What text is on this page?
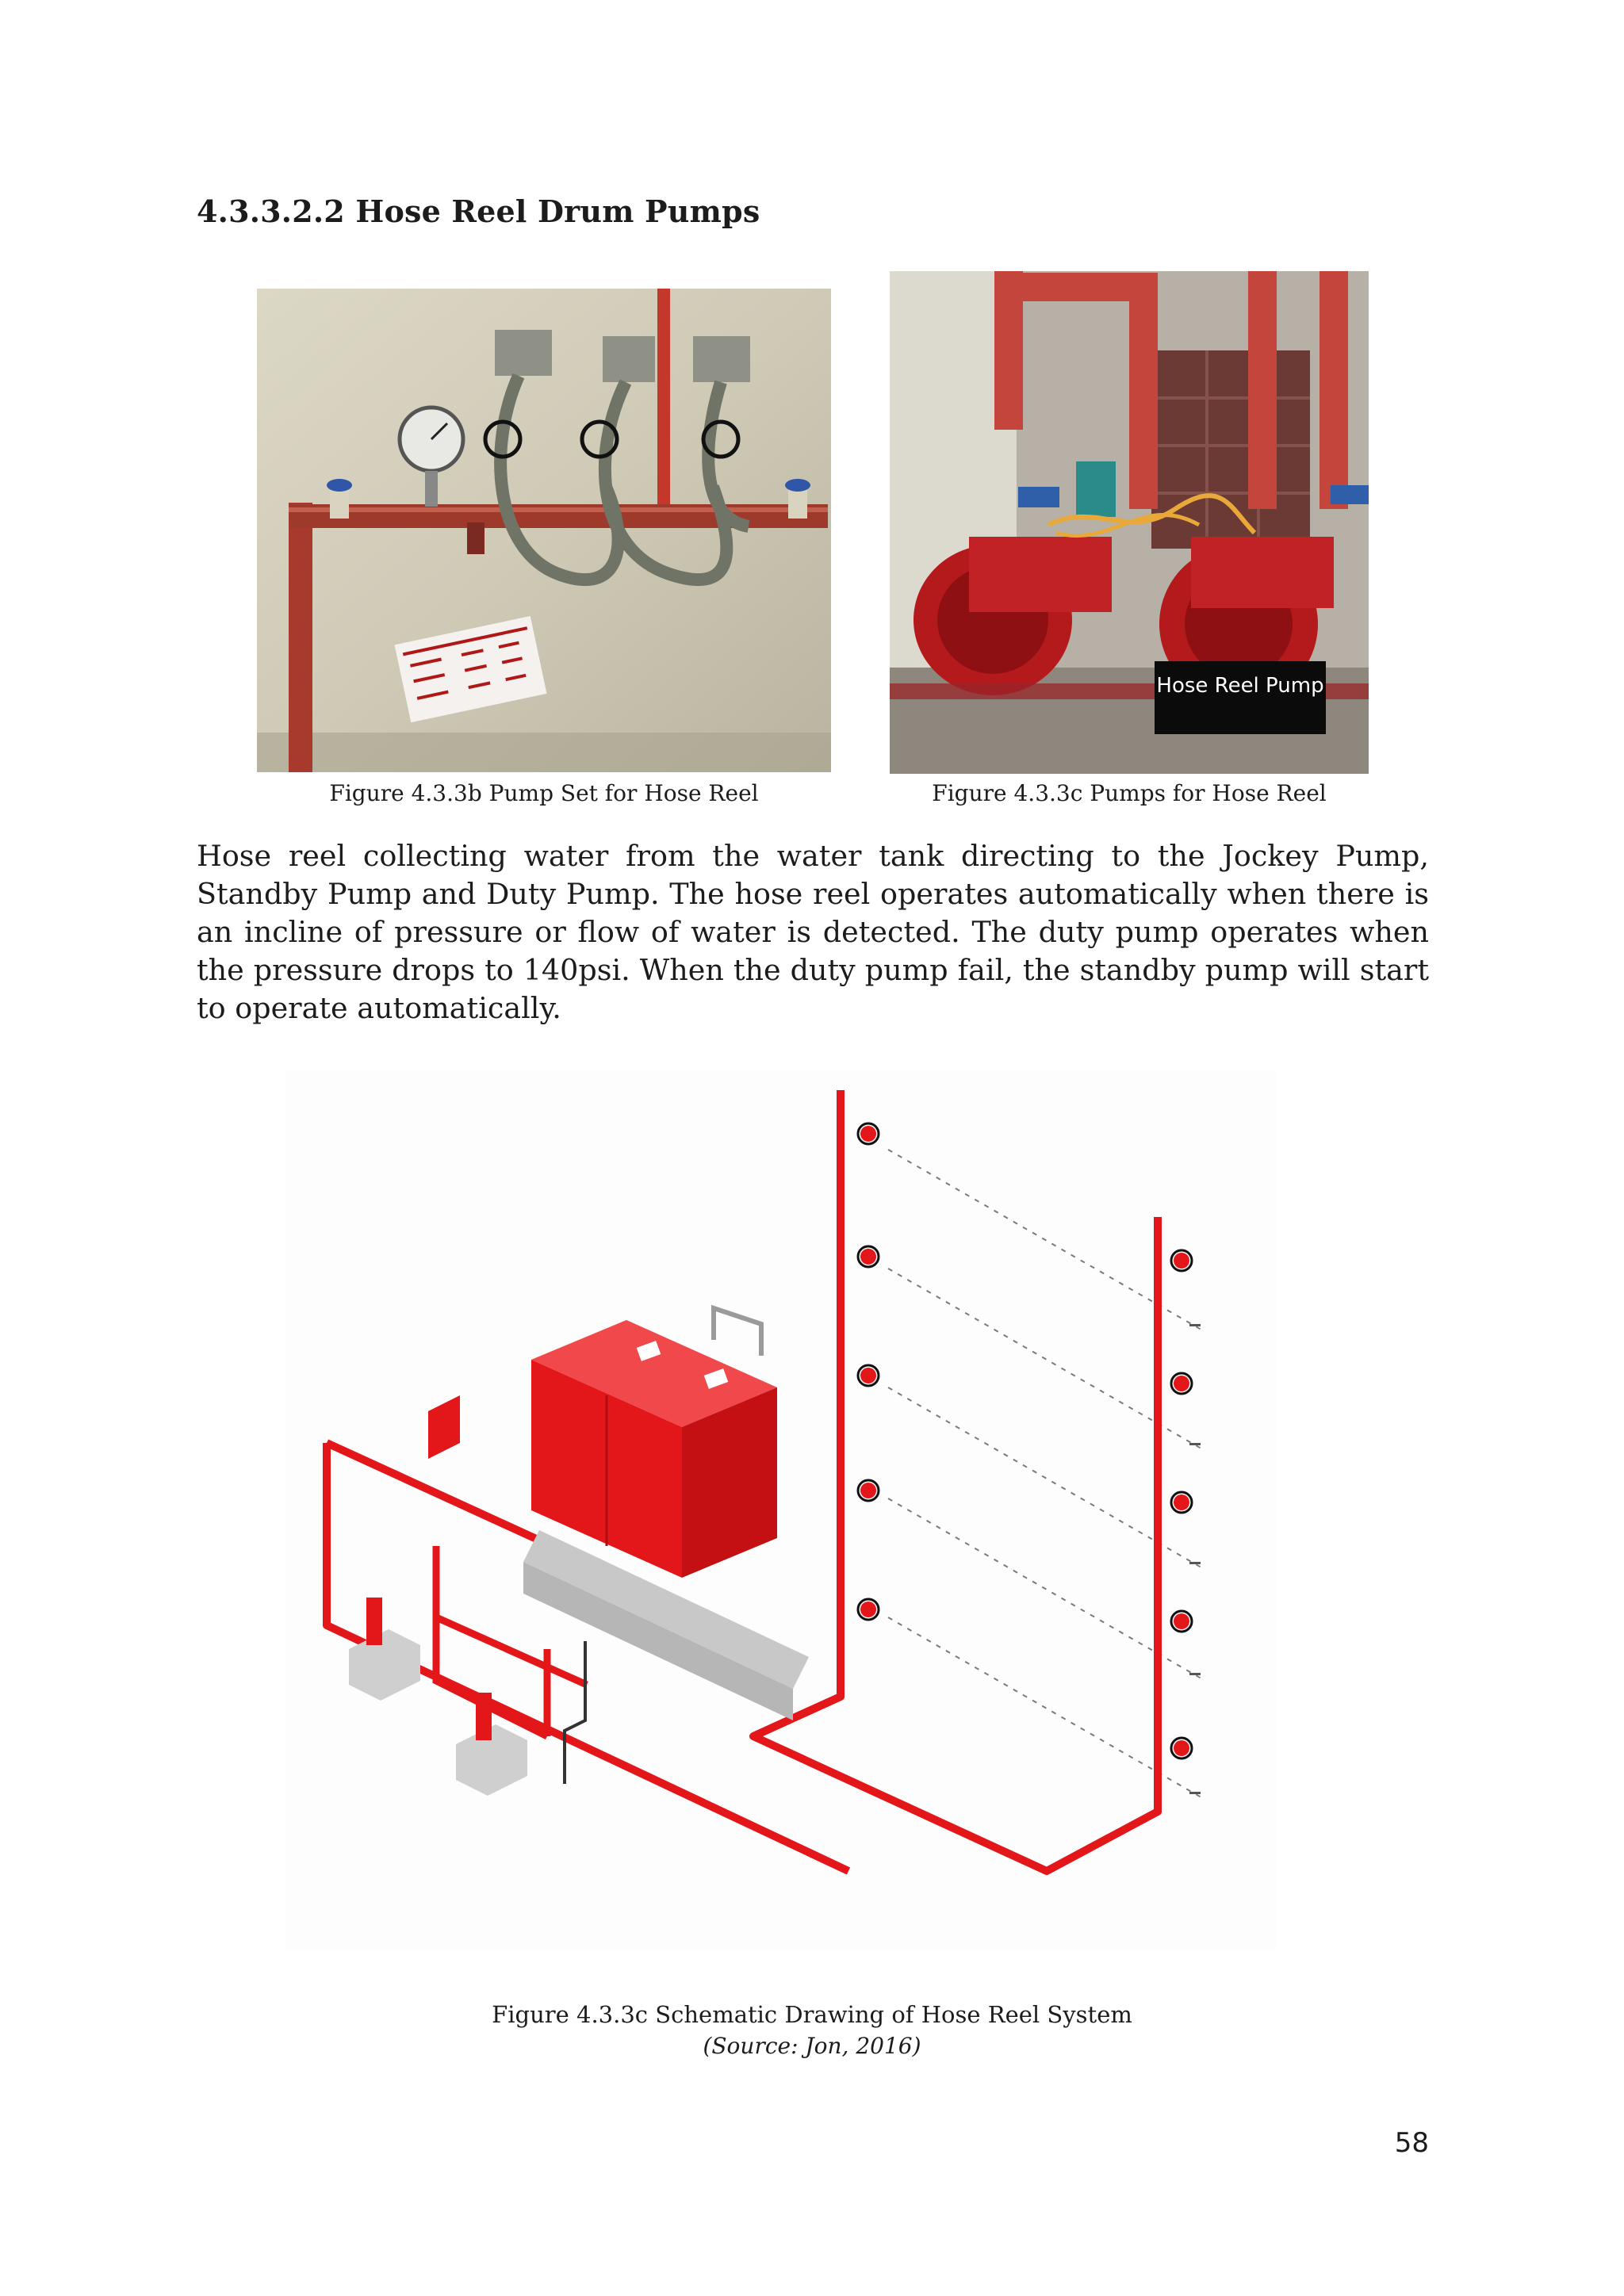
4.3.3.2.2 Hose Reel Drum Pumps
Figure 4.3.3b Pump Set for Hose Reel
Hose Reel Pump
Figure 4.3.3c Pumps for Hose Reel
Hose reel collecting water from the water tank directing to the Jockey Pump, Standby Pump and Duty Pump. The hose reel operates automatically when there is an incline of pressure or flow of water is detected. The duty pump operates when the pressure drops to 140psi. When the duty pump fail, the standby pump will start to operate automatically.
Figure 4.3.3c Schematic Drawing of Hose Reel System
(Source: Jon, 2016)
58
